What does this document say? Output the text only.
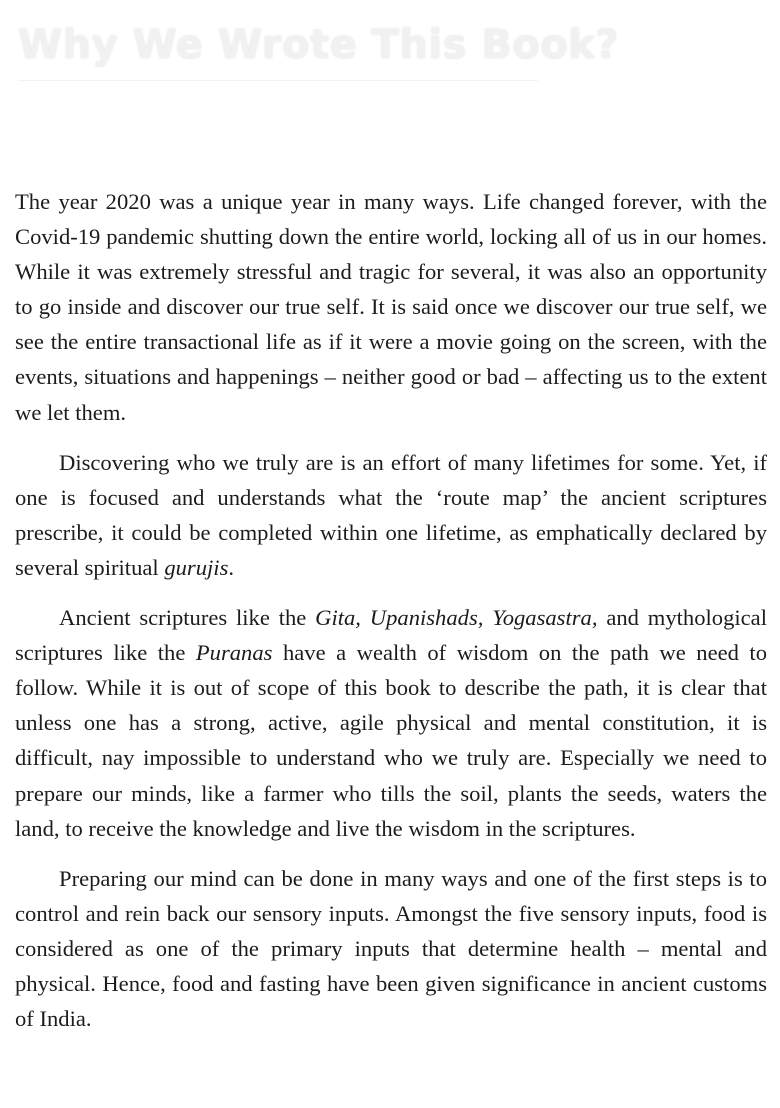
Why We Wrote This Book?

The year 2020 was a unique year in many ways. Life changed forever, with the Covid-19 pandemic shutting down the entire world, locking all of us in our homes. While it was extremely stressful and tragic for several, it was also an opportunity to go inside and discover our true self. It is said once we discover our true self, we see the entire transactional life as if it were a movie going on the screen, with the events, situations and happenings – neither good or bad – affecting us to the extent we let them.

Discovering who we truly are is an effort of many lifetimes for some. Yet, if one is focused and understands what the ‘route map’ the ancient scriptures prescribe, it could be completed within one lifetime, as emphatically declared by several spiritual gurujis.

Ancient scriptures like the Gita, Upanishads, Yogasastra, and mythological scriptures like the Puranas have a wealth of wisdom on the path we need to follow. While it is out of scope of this book to describe the path, it is clear that unless one has a strong, active, agile physical and mental constitution, it is difficult, nay impossible to understand who we truly are. Especially we need to prepare our minds, like a farmer who tills the soil, plants the seeds, waters the land, to receive the knowledge and live the wisdom in the scriptures.

Preparing our mind can be done in many ways and one of the first steps is to control and rein back our sensory inputs. Amongst the five sensory inputs, food is considered as one of the primary inputs that determine health – mental and physical. Hence, food and fasting have been given significance in ancient customs of India.
